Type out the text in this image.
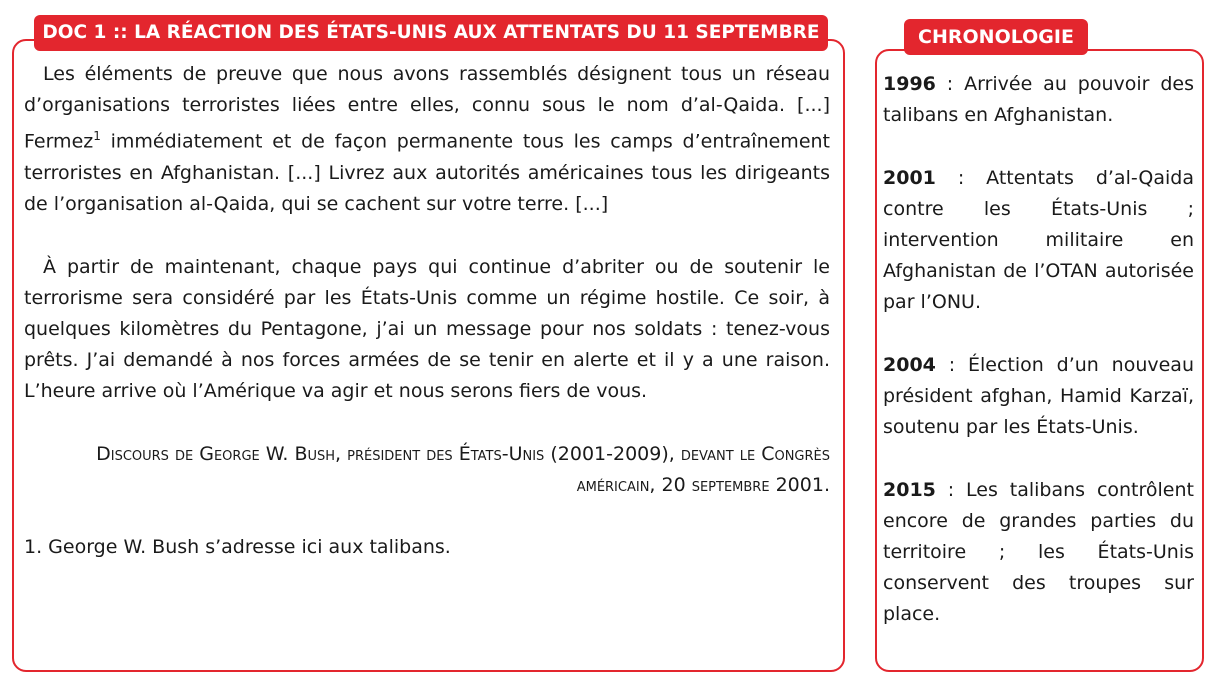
DOC 1 :: LA RÉACTION DES ÉTATS-UNIS AUX ATTENTATS DU 11 SEPTEMBRE

Les éléments de preuve que nous avons rassemblés désignent tous un réseau d’organisations terroristes liées entre elles, connu sous le nom d’al-Qaida. [...] Fermez$^1$ immédiatement et de façon permanente tous les camps d’entraînement terroristes en Afghanistan. [...] Livrez aux autorités américaines tous les dirigeants de l’organisation al-Qaida, qui se cachent sur votre terre. [...]

À partir de maintenant, chaque pays qui continue d’abriter ou de soutenir le terrorisme sera considéré par les États-Unis comme un régime hostile. Ce soir, à quelques kilomètres du Pentagone, j’ai un message pour nos soldats : tenez-vous prêts. J’ai demandé à nos forces armées de se tenir en alerte et il y a une raison. L’heure arrive où l’Amérique va agir et nous serons fiers de vous.

Discours de George W. Bush, président des États-Unis (2001-2009), devant le Congrès américain, 20 septembre 2001.

1. George W. Bush s’adresse ici aux talibans.

CHRONOLOGIE

1996 : Arrivée au pouvoir des talibans en Afghanistan.

2001 : Attentats d’al-Qaida contre les États-Unis ; intervention militaire en Afghanistan de l’OTAN autorisée par l’ONU.

2004 : Élection d’un nouveau président afghan, Hamid Karzaï, soutenu par les États-Unis.

2015 : Les talibans contrôlent encore de grandes parties du territoire ; les États-Unis conservent des troupes sur place.
